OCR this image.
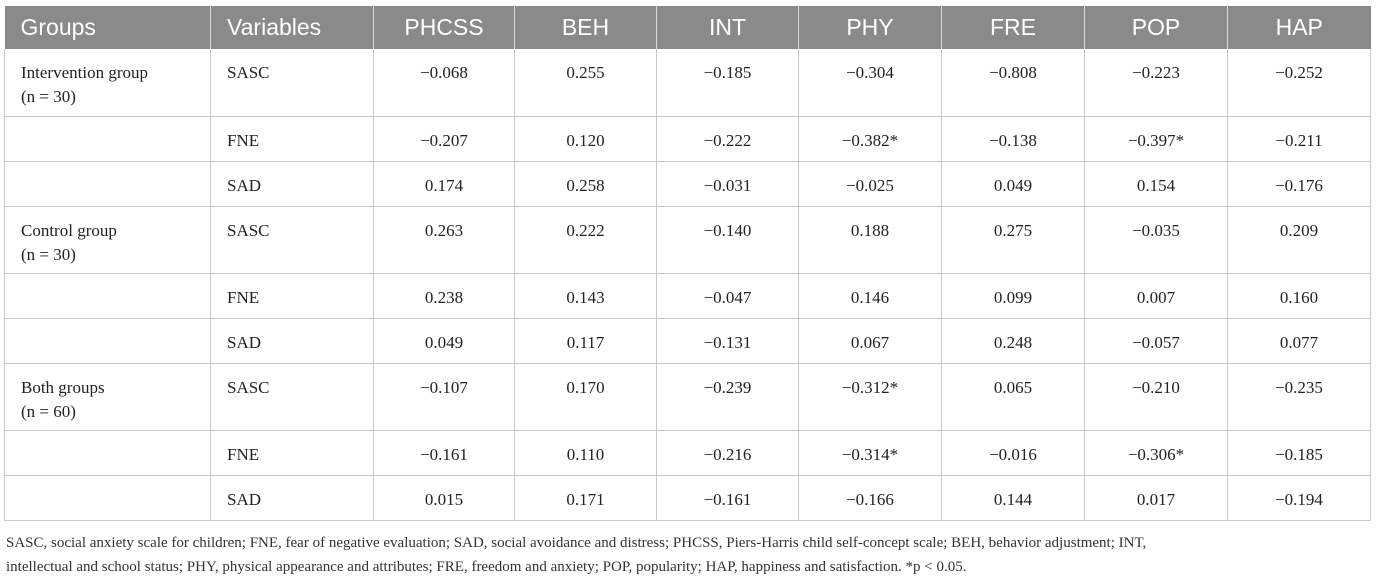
Groups	Variables	PHCSS	BEH	INT	PHY	FRE	POP	HAP

Intervention group
(n = 30)	SASC	−0.068	0.255	−0.185	−0.304	−0.808	−0.223	−0.252
	FNE	−0.207	0.120	−0.222	−0.382*	−0.138	−0.397*	−0.211
	SAD	0.174	0.258	−0.031	−0.025	0.049	0.154	−0.176

Control group
(n = 30)	SASC	0.263	0.222	−0.140	0.188	0.275	−0.035	0.209
	FNE	0.238	0.143	−0.047	0.146	0.099	0.007	0.160
	SAD	0.049	0.117	−0.131	0.067	0.248	−0.057	0.077

Both groups
(n = 60)	SASC	−0.107	0.170	−0.239	−0.312*	0.065	−0.210	−0.235
	FNE	−0.161	0.110	−0.216	−0.314*	−0.016	−0.306*	−0.185
	SAD	0.015	0.171	−0.161	−0.166	0.144	0.017	−0.194
SASC, social anxiety scale for children; FNE, fear of negative evaluation; SAD, social avoidance and distress; PHCSS, Piers-Harris child self-concept scale; BEH, behavior adjustment; INT,
intellectual and school status; PHY, physical appearance and attributes; FRE, freedom and anxiety; POP, popularity; HAP, happiness and satisfaction. *p < 0.05.
